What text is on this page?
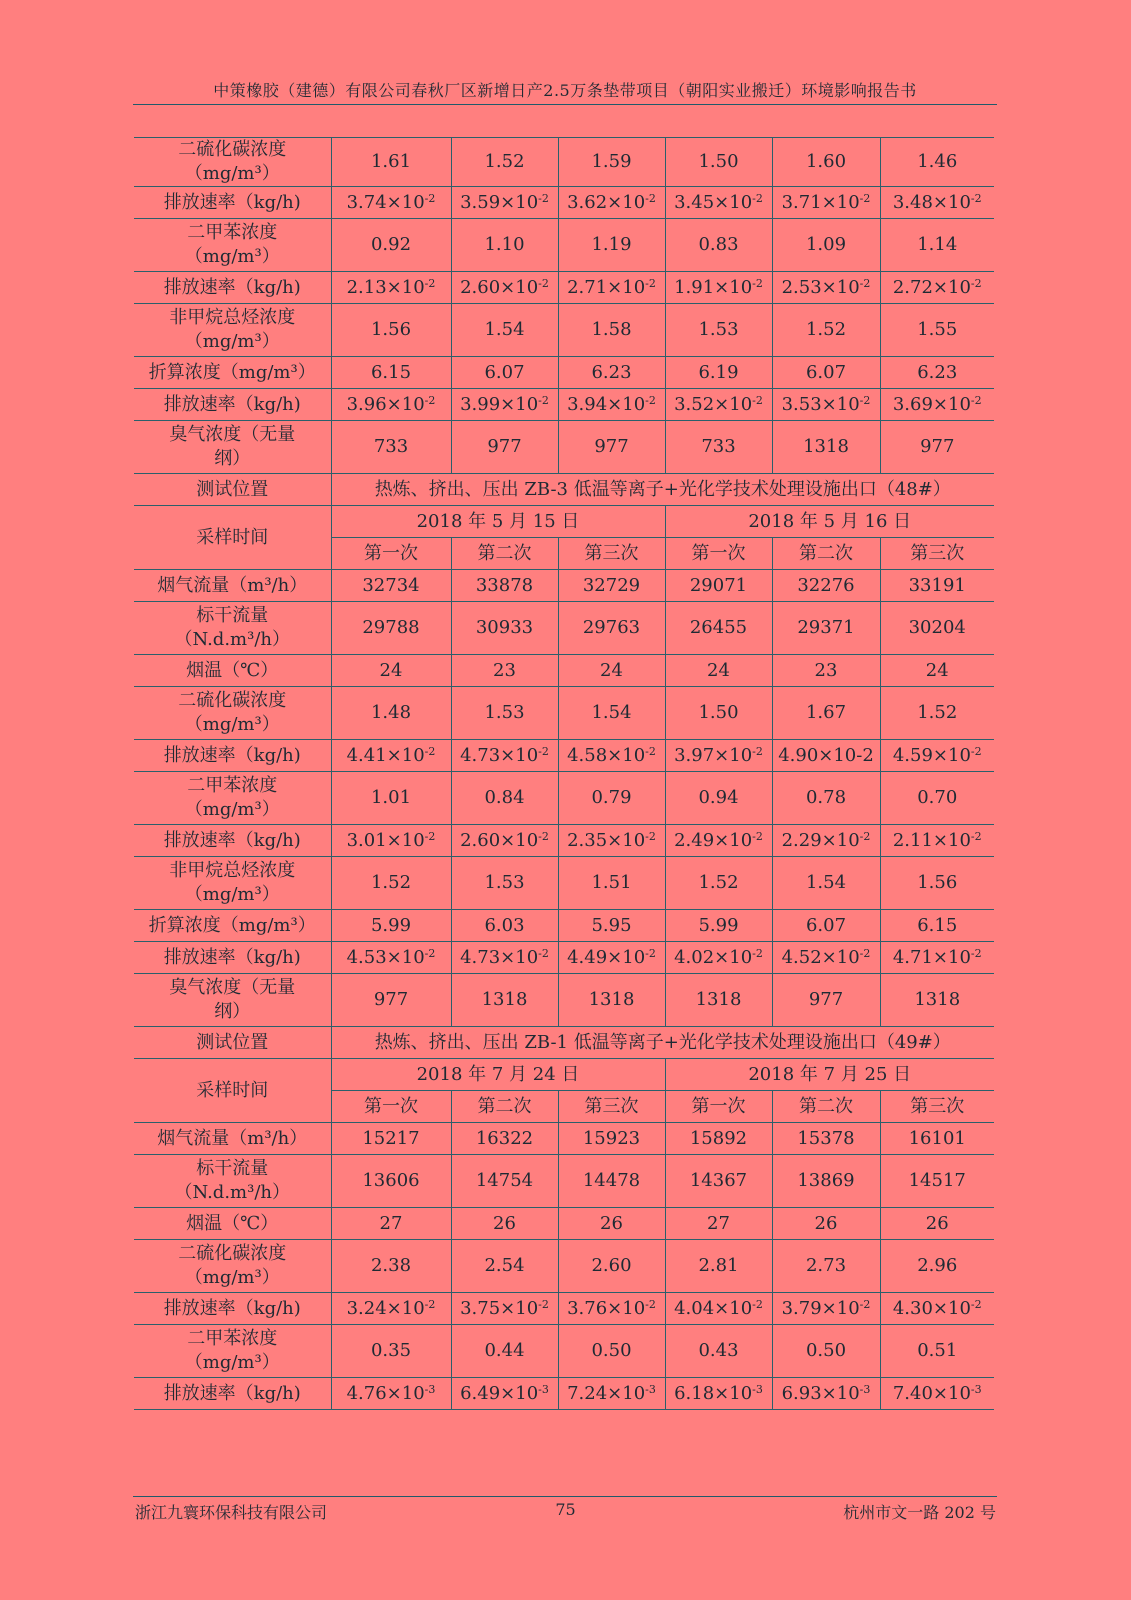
中策橡胶（建德）有限公司春秋厂区新增日产2.5万条垫带项目（朝阳实业搬迁）环境影响报告书
二硫化碳浓度
（mg/m³）	1.61	1.52	1.59	1.50	1.60	1.46
排放速率（kg/h)	$3.74\times 10^{-2}$	$3.59\times 10^{-2}$	$3.62\times 10^{-2}$	$3.45\times 10^{-2}$	$3.71\times 10^{-2}$	$3.48\times 10^{-2}$
二甲苯浓度
（mg/m³）	0.92	1.10	1.19	0.83	1.09	1.14
排放速率（kg/h)	$2.13\times 10^{-2}$	$2.60\times 10^{-2}$	$2.71\times 10^{-2}$	$1.91\times 10^{-2}$	$2.53\times 10^{-2}$	$2.72\times 10^{-2}$
非甲烷总烃浓度
（mg/m³）	1.56	1.54	1.58	1.53	1.52	1.55
折算浓度（mg/m³）	6.15	6.07	6.23	6.19	6.07	6.23
排放速率（kg/h)	$3.96\times 10^{-2}$	$3.99\times 10^{-2}$	$3.94\times 10^{-2}$	$3.52\times 10^{-2}$	$3.53\times 10^{-2}$	$3.69\times 10^{-2}$
臭气浓度（无量
纲）	733	977	977	733	1318	977
测试位置	热炼、挤出、压出 ZB-3 低温等离子+光化学技术处理设施出口（48#）					
采样时间	2018 年 5 月 15 日			2018 年 5 月 16 日		
	第一次	第二次	第三次	第一次	第二次	第三次
烟气流量（m³/h）	32734	33878	32729	29071	32276	33191
标干流量
（N.d.m³/h）	29788	30933	29763	26455	29371	30204
烟温（℃）	24	23	24	24	23	24
二硫化碳浓度
（mg/m³）	1.48	1.53	1.54	1.50	1.67	1.52
排放速率（kg/h)	$4.41\times 10^{-2}$	$4.73\times 10^{-2}$	$4.58\times 10^{-2}$	$3.97\times 10^{-2}$	4.90×10-2	$4.59\times 10^{-2}$
二甲苯浓度
（mg/m³）	1.01	0.84	0.79	0.94	0.78	0.70
排放速率（kg/h)	$3.01\times 10^{-2}$	$2.60\times 10^{-2}$	$2.35\times 10^{-2}$	$2.49\times 10^{-2}$	$2.29\times 10^{-2}$	$2.11\times 10^{-2}$
非甲烷总烃浓度
（mg/m³）	1.52	1.53	1.51	1.52	1.54	1.56
折算浓度（mg/m³）	5.99	6.03	5.95	5.99	6.07	6.15
排放速率（kg/h)	$4.53\times 10^{-2}$	$4.73\times 10^{-2}$	$4.49\times 10^{-2}$	$4.02\times 10^{-2}$	$4.52\times 10^{-2}$	$4.71\times 10^{-2}$
臭气浓度（无量
纲）	977	1318	1318	1318	977	1318
测试位置	热炼、挤出、压出 ZB-1 低温等离子+光化学技术处理设施出口（49#）					
采样时间	2018 年 7 月 24 日			2018 年 7 月 25 日		
	第一次	第二次	第三次	第一次	第二次	第三次
烟气流量（m³/h）	15217	16322	15923	15892	15378	16101
标干流量
（N.d.m³/h）	13606	14754	14478	14367	13869	14517
烟温（℃）	27	26	26	27	26	26
二硫化碳浓度
（mg/m³）	2.38	2.54	2.60	2.81	2.73	2.96
排放速率（kg/h)	$3.24\times 10^{-2}$	$3.75\times 10^{-2}$	$3.76\times 10^{-2}$	$4.04\times 10^{-2}$	$3.79\times 10^{-2}$	$4.30\times 10^{-2}$
二甲苯浓度
（mg/m³）	0.35	0.44	0.50	0.43	0.50	0.51
排放速率（kg/h)	$4.76\times 10^{-3}$	$6.49\times 10^{-3}$	$7.24\times 10^{-3}$	$6.18\times 10^{-3}$	$6.93\times 10^{-3}$	$7.40\times 10^{-3}$
浙江九寰环保科技有限公司	75	杭州市文一路 202 号
